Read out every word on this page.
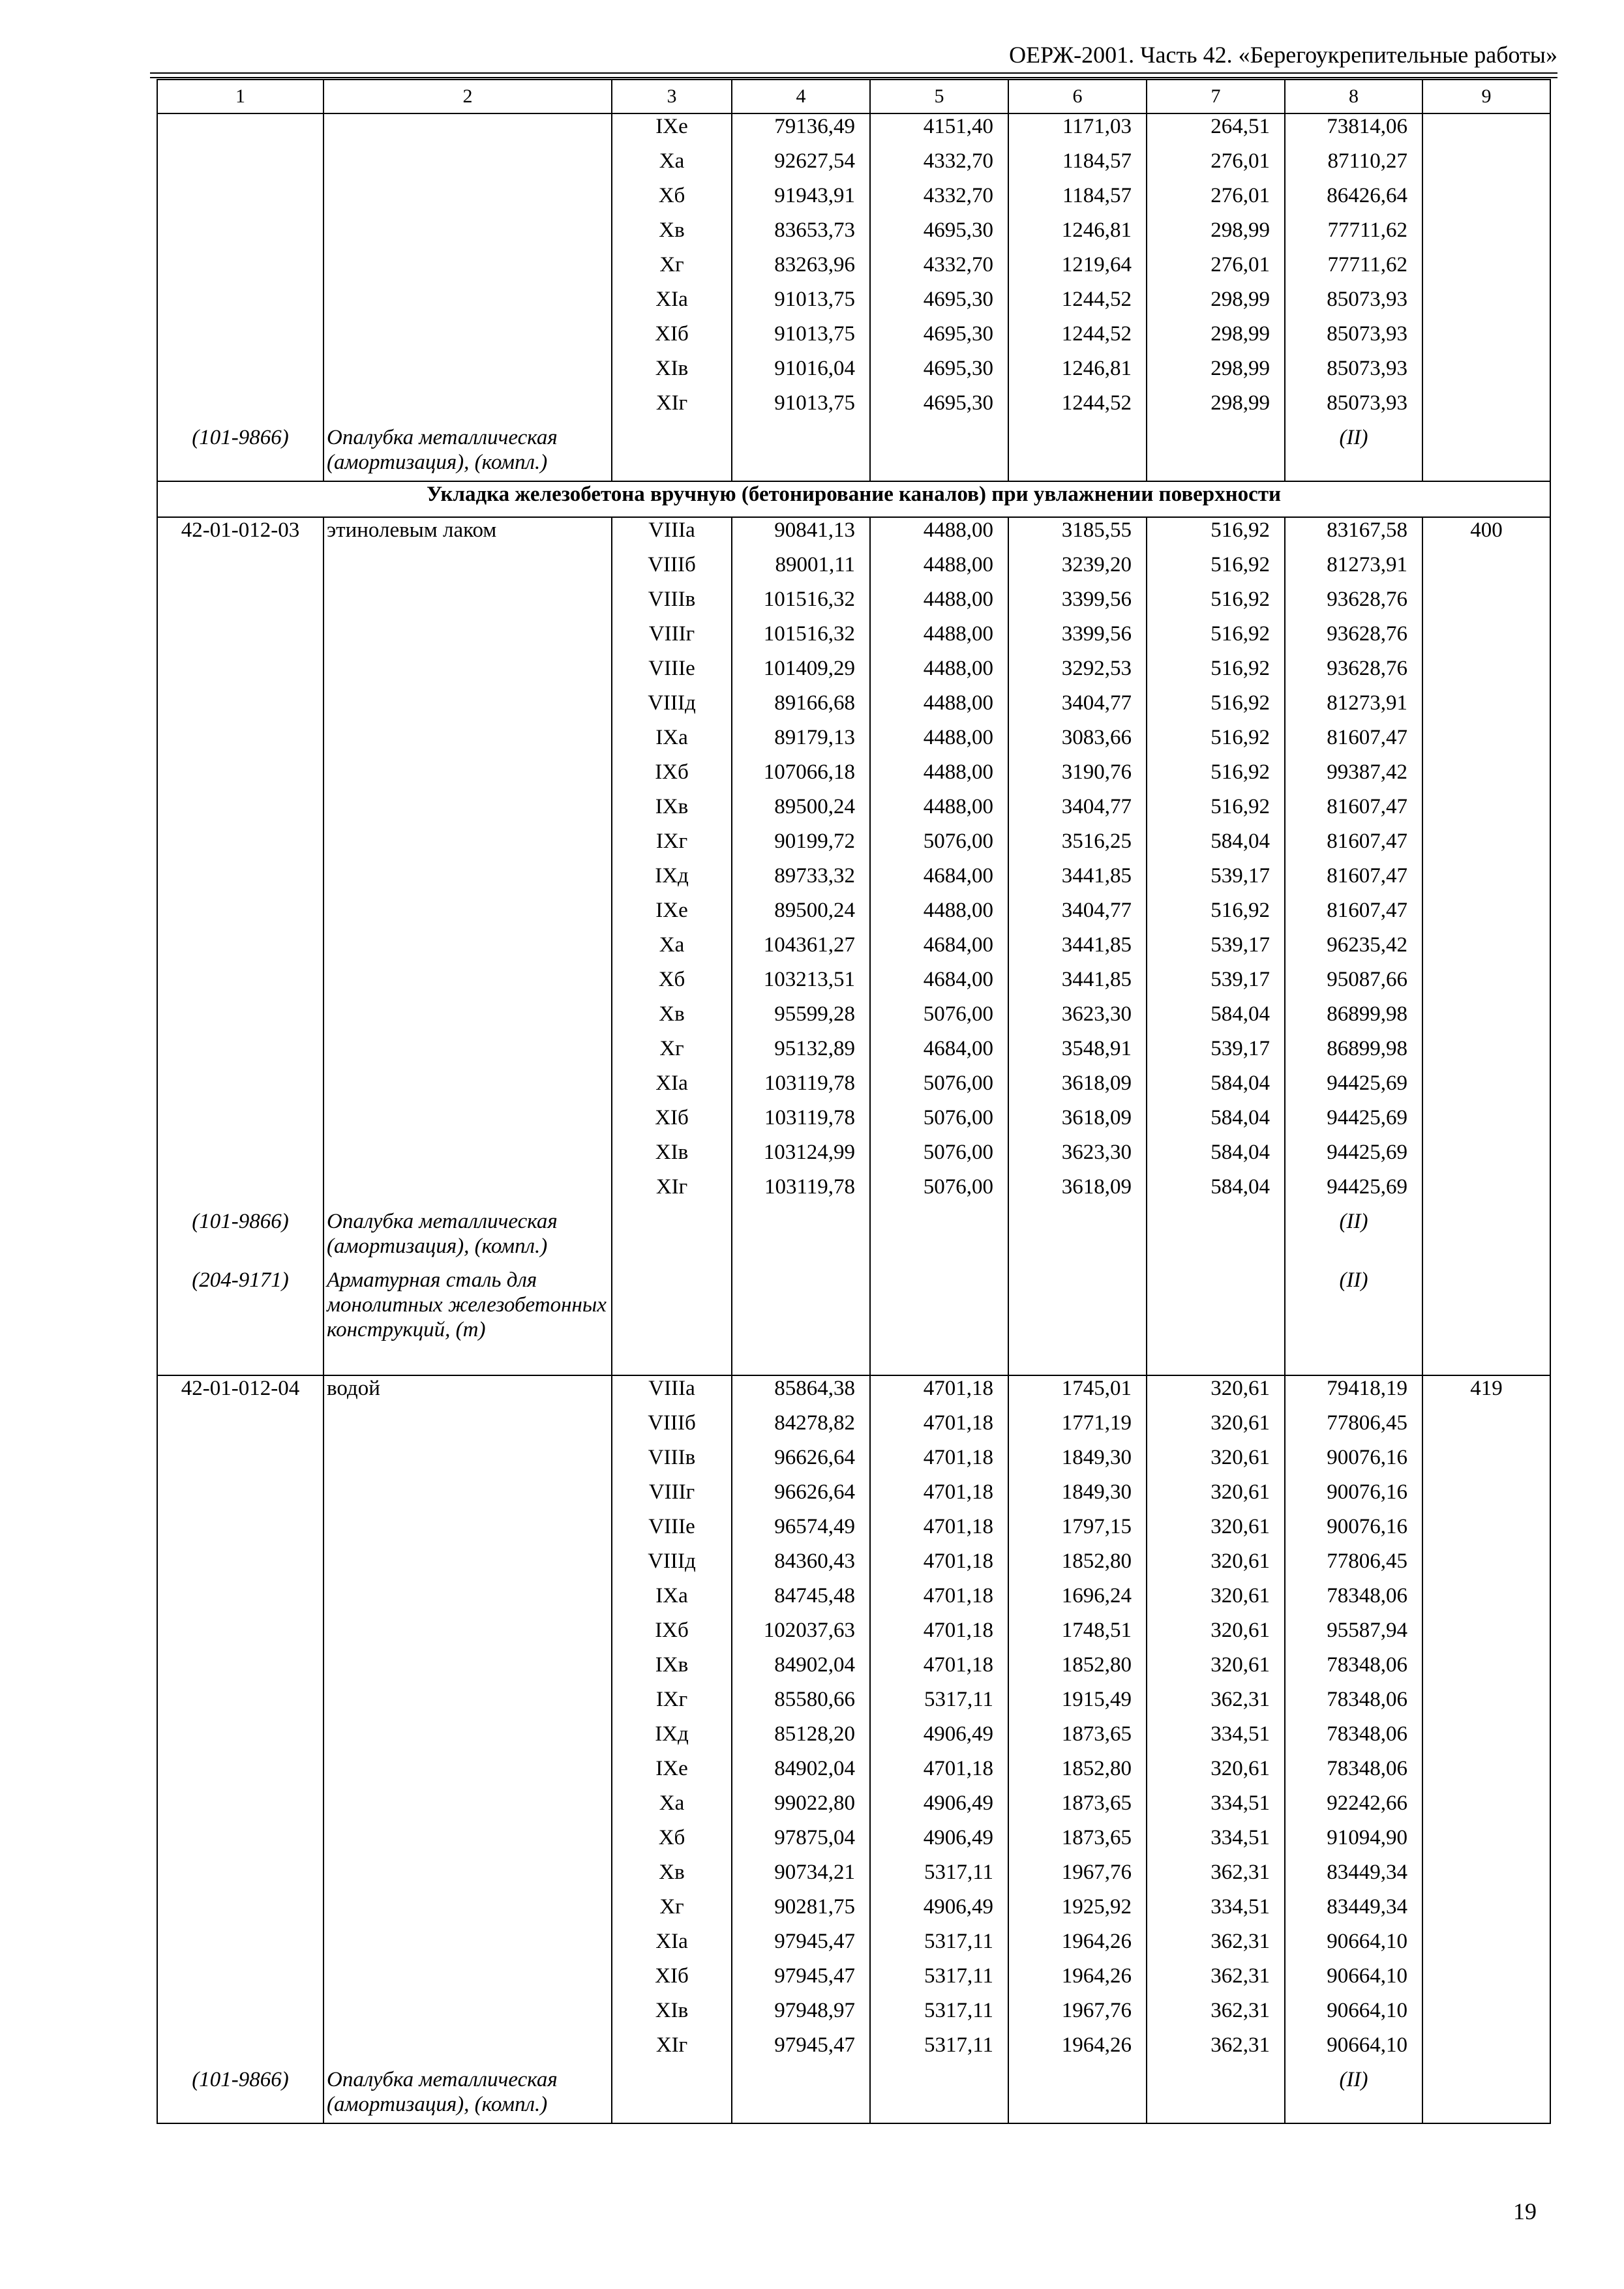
ОЕРЖ-2001. Часть 42. «Берегоукрепительные работы»
1	2	3	4	5	6	7	8	9
		IXе	79136,49	4151,40	1171,03	264,51	73814,06	
		Xа	92627,54	4332,70	1184,57	276,01	87110,27	
		Xб	91943,91	4332,70	1184,57	276,01	86426,64	
		Xв	83653,73	4695,30	1246,81	298,99	77711,62	
		Xг	83263,96	4332,70	1219,64	276,01	77711,62	
		XIа	91013,75	4695,30	1244,52	298,99	85073,93	
		XIб	91013,75	4695,30	1244,52	298,99	85073,93	
		XIв	91016,04	4695,30	1246,81	298,99	85073,93	
		XIг	91013,75	4695,30	1244,52	298,99	85073,93	
(101-9866)	Опалубка металлическая (амортизация), (компл.)						(II)	
Укладка железобетона вручную (бетонирование каналов) при увлажнении поверхности								
42-01-012-03	этинолевым лаком	VIIIа	90841,13	4488,00	3185,55	516,92	83167,58	400
		VIIIб	89001,11	4488,00	3239,20	516,92	81273,91	
		VIIIв	101516,32	4488,00	3399,56	516,92	93628,76	
		VIIIг	101516,32	4488,00	3399,56	516,92	93628,76	
		VIIIе	101409,29	4488,00	3292,53	516,92	93628,76	
		VIIIд	89166,68	4488,00	3404,77	516,92	81273,91	
		IXа	89179,13	4488,00	3083,66	516,92	81607,47	
		IXб	107066,18	4488,00	3190,76	516,92	99387,42	
		IXв	89500,24	4488,00	3404,77	516,92	81607,47	
		IXг	90199,72	5076,00	3516,25	584,04	81607,47	
		IXд	89733,32	4684,00	3441,85	539,17	81607,47	
		IXе	89500,24	4488,00	3404,77	516,92	81607,47	
		Xа	104361,27	4684,00	3441,85	539,17	96235,42	
		Xб	103213,51	4684,00	3441,85	539,17	95087,66	
		Xв	95599,28	5076,00	3623,30	584,04	86899,98	
		Xг	95132,89	4684,00	3548,91	539,17	86899,98	
		XIа	103119,78	5076,00	3618,09	584,04	94425,69	
		XIб	103119,78	5076,00	3618,09	584,04	94425,69	
		XIв	103124,99	5076,00	3623,30	584,04	94425,69	
		XIг	103119,78	5076,00	3618,09	584,04	94425,69	
(101-9866)	Опалубка металлическая (амортизация), (компл.)						(II)	
(204-9171)	Арматурная сталь для монолитных железобетонных конструкций, (т)						(II)	
42-01-012-04	водой	VIIIа	85864,38	4701,18	1745,01	320,61	79418,19	419
		VIIIб	84278,82	4701,18	1771,19	320,61	77806,45	
		VIIIв	96626,64	4701,18	1849,30	320,61	90076,16	
		VIIIг	96626,64	4701,18	1849,30	320,61	90076,16	
		VIIIе	96574,49	4701,18	1797,15	320,61	90076,16	
		VIIIд	84360,43	4701,18	1852,80	320,61	77806,45	
		IXа	84745,48	4701,18	1696,24	320,61	78348,06	
		IXб	102037,63	4701,18	1748,51	320,61	95587,94	
		IXв	84902,04	4701,18	1852,80	320,61	78348,06	
		IXг	85580,66	5317,11	1915,49	362,31	78348,06	
		IXд	85128,20	4906,49	1873,65	334,51	78348,06	
		IXе	84902,04	4701,18	1852,80	320,61	78348,06	
		Xа	99022,80	4906,49	1873,65	334,51	92242,66	
		Xб	97875,04	4906,49	1873,65	334,51	91094,90	
		Xв	90734,21	5317,11	1967,76	362,31	83449,34	
		Xг	90281,75	4906,49	1925,92	334,51	83449,34	
		XIа	97945,47	5317,11	1964,26	362,31	90664,10	
		XIб	97945,47	5317,11	1964,26	362,31	90664,10	
		XIв	97948,97	5317,11	1967,76	362,31	90664,10	
		XIг	97945,47	5317,11	1964,26	362,31	90664,10	
(101-9866)	Опалубка металлическая (амортизация), (компл.)						(II)	
19
